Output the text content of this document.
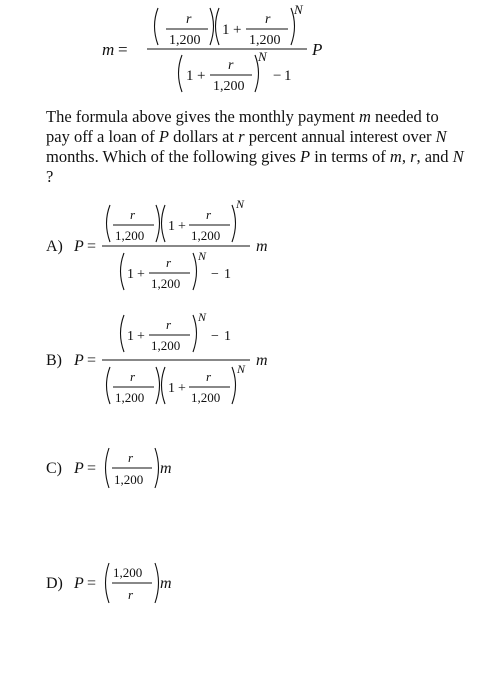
m =
r
1,200
1 +
r
1,200
N
1 +
r
1,200
N
− 1
P

The formula above gives the monthly payment m needed to pay off a loan of P dollars at r percent annual interest over N months. Which of the following gives P in terms of m, r, and N ?

A) P =
r
1,200
1 +
r
1,200
N
1 +
r
1,200
N
− 1
m
B) P =
1 +
r
1,200
N
− 1
r
1,200
1 +
r
1,200
N m
C) P =
r
1,200
m
D) P =
1,200
r
m
